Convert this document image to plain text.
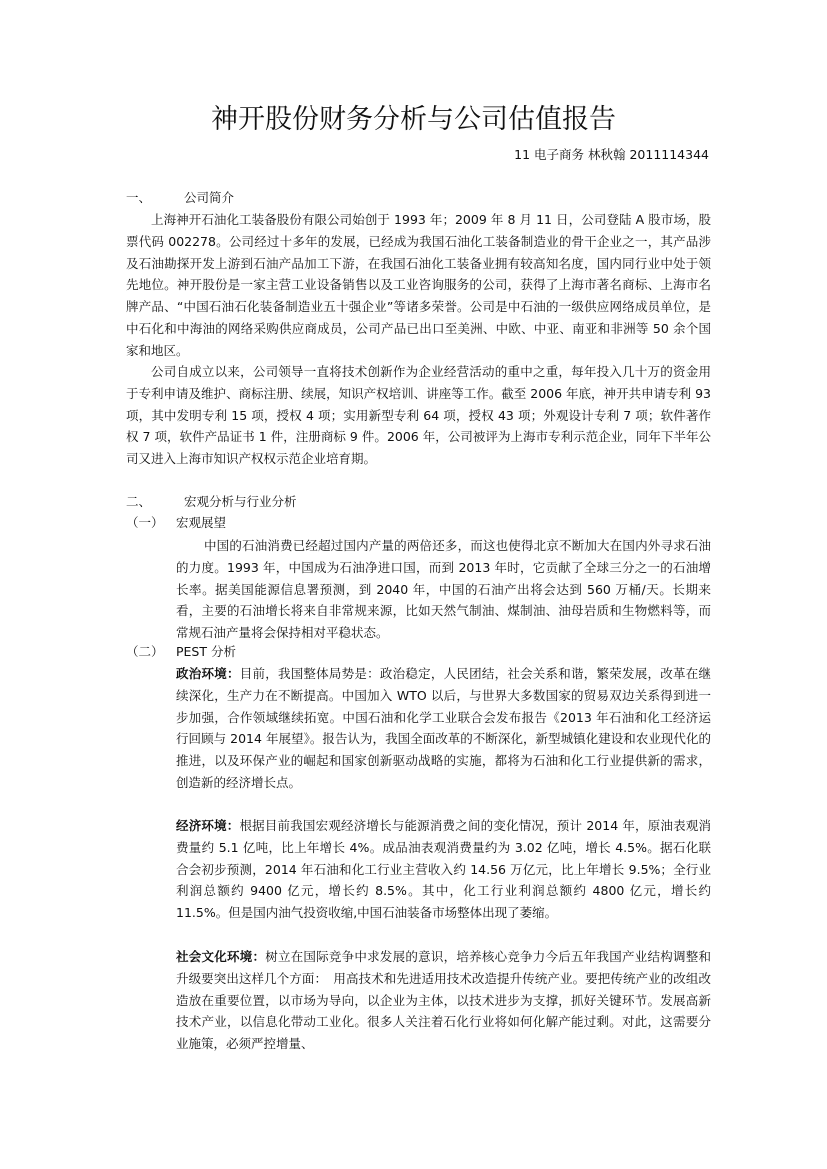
神开股份财务分析与公司估值报告
11 电子商务 林秋翰 2011114344
一、	公司简介

上海神开石油化工装备股份有限公司始创于 1993 年；2009 年 8 月 11 日，公司登陆 A 股市场，股票代码 002278。公司经过十多年的发展，已经成为我国石油化工装备制造业的骨干企业之一，其产品涉及石油勘探开发上游到石油产品加工下游，在我国石油化工装备业拥有较高知名度，国内同行业中处于领先地位。神开股份是一家主营工业设备销售以及工业咨询服务的公司，获得了上海市著名商标、上海市名牌产品、“中国石油石化装备制造业五十强企业”等诸多荣誉。公司是中石油的一级供应网络成员单位，是中石化和中海油的网络采购供应商成员，公司产品已出口至美洲、中欧、中亚、南亚和非洲等 50 余个国家和地区。

公司自成立以来，公司领导一直将技术创新作为企业经营活动的重中之重，每年投入几十万的资金用于专利申请及维护、商标注册、续展，知识产权培训、讲座等工作。截至 2006 年底，神开共申请专利 93 项，其中发明专利 15 项，授权 4 项；实用新型专利 64 项，授权 43 项；外观设计专利 7 项；软件著作权 7 项，软件产品证书 1 件，注册商标 9 件。2006 年，公司被评为上海市专利示范企业，同年下半年公司又进入上海市知识产权权示范企业培育期。

二、	宏观分析与行业分析
（一） 宏观展望

中国的石油消费已经超过国内产量的两倍还多，而这也使得北京不断加大在国内外寻求石油的力度。1993 年，中国成为石油净进口国，而到 2013 年时，它贡献了全球三分之一的石油增长率。据美国能源信息署预测，到 2040 年，中国的石油产出将会达到 560 万桶/天。长期来看，主要的石油增长将来自非常规来源，比如天然气制油、煤制油、油母岩质和生物燃料等，而常规石油产量将会保持相对平稳状态。

（二） PEST 分析

政治环境：目前，我国整体局势是：政治稳定，人民团结，社会关系和谐，繁荣发展，改革在继续深化，生产力在不断提高。中国加入 WTO 以后，与世界大多数国家的贸易双边关系得到进一步加强，合作领域继续拓宽。中国石油和化学工业联合会发布报告《2013 年石油和化工经济运行回顾与 2014 年展望》。报告认为，我国全面改革的不断深化，新型城镇化建设和农业现代化的推进，以及环保产业的崛起和国家创新驱动战略的实施，都将为石油和化工行业提供新的需求，创造新的经济增长点。

经济环境：根据目前我国宏观经济增长与能源消费之间的变化情况，预计 2014 年，原油表观消费量约 5.1 亿吨，比上年增长 4%。成品油表观消费量约为 3.02 亿吨，增长 4.5%。据石化联合会初步预测，2014 年石油和化工行业主营收入约 14.56 万亿元，比上年增长 9.5%；全行业利润总额约 9400 亿元，增长约 8.5%。其中，化工行业利润总额约 4800 亿元，增长约 11.5%。但是国内油气投资收缩,中国石油装备市场整体出现了萎缩。

社会文化环境：树立在国际竞争中求发展的意识，培养核心竞争力今后五年我国产业结构调整和升级要突出这样几个方面：　用高技术和先进适用技术改造提升传统产业。要把传统产业的改组改造放在重要位置，以市场为导向，以企业为主体，以技术进步为支撑，抓好关键环节。发展高新技术产业，以信息化带动工业化。很多人关注着石化行业将如何化解产能过剩。对此，这需要分业施策，必须严控增量、
